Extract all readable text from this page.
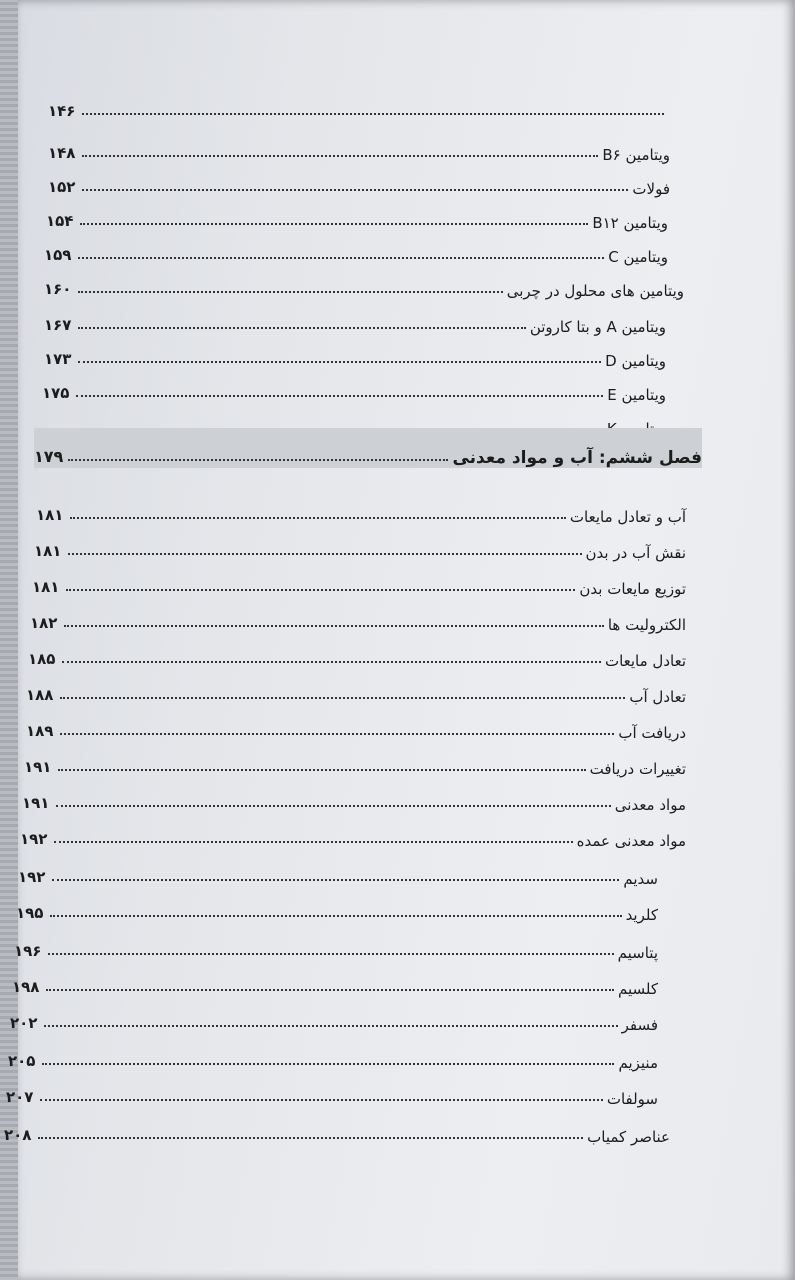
۱۴۶
۱۴۸	ویتامین B۶
۱۵۲	فولات
۱۵۴	ویتامین B۱۲
۱۵۹	ویتامین C
۱۶۰	ویتامین های محلول در چربی
۱۶۷	ویتامین A و بتا کاروتن
۱۷۳	ویتامین D
۱۷۵	ویتامین E
۱۷۹	فصل ششم: آب و مواد معدنی
۱۸۱	آب و تعادل مایعات
۱۸۱	نقش آب در بدن
۱۸۱	توزیع مایعات بدن
۱۸۲	الکترولیت ها
۱۸۵	تعادل مایعات
۱۸۸	تعادل آب
۱۸۹	دریافت آب
۱۹۱	تغییرات دریافت
۱۹۱	مواد معدنی
۱۹۲	مواد معدنی عمده
۱۹۲	سدیم
۱۹۵	کلرید
۱۹۶	پتاسیم
۱۹۸	کلسیم
۲۰۲	فسفر
۲۰۵	منیزیم
۲۰۷	سولفات
۲۰۸	عناصر کمیاب
